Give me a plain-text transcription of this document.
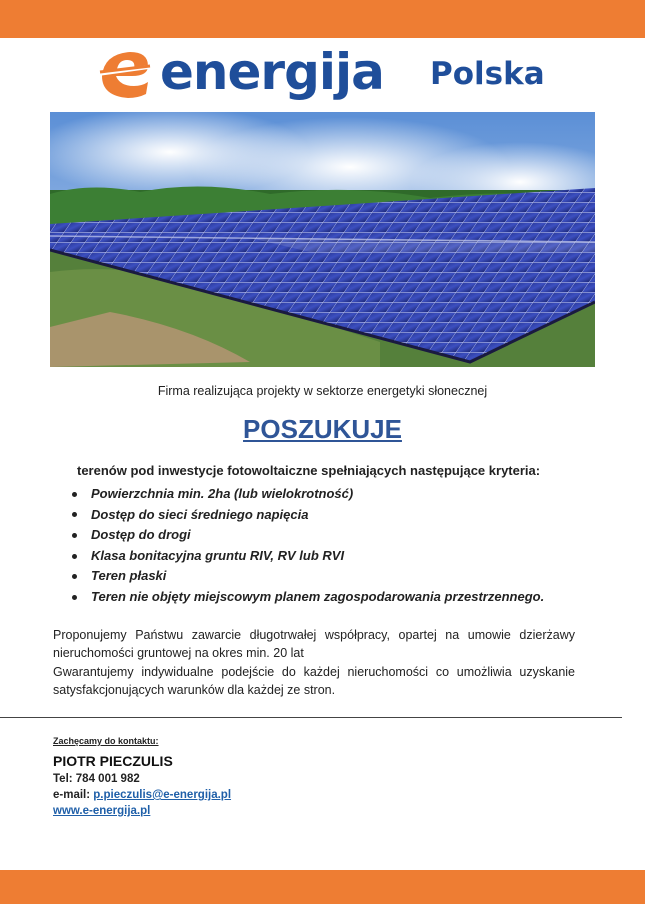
energija Polska
Firma realizująca projekty w sektorze energetyki słonecznej
POSZUKUJE
terenów pod inwestycje fotowoltaiczne spełniających następujące kryteria:
Powierzchnia min. 2ha (lub wielokrotność)
Dostęp do sieci średniego napięcia
Dostęp do drogi
Klasa bonitacyjna gruntu RIV, RV lub RVI
Teren płaski
Teren nie objęty miejscowym planem zagospodarowania przestrzennego.

Proponujemy Państwu zawarcie długotrwałej współpracy, opartej na umowie dzierżawy nieruchomości gruntowej na okres min. 20 lat

Gwarantujemy indywidualne podejście do każdej nieruchomości co umożliwia uzyskanie satysfakcjonujących warunków dla każdej ze stron.

Zachęcamy do kontaktu:
PIOTR PIECZULIS
Tel: 784 001 982
e-mail: p.pieczulis@e-energija.pl
www.e-energija.pl
